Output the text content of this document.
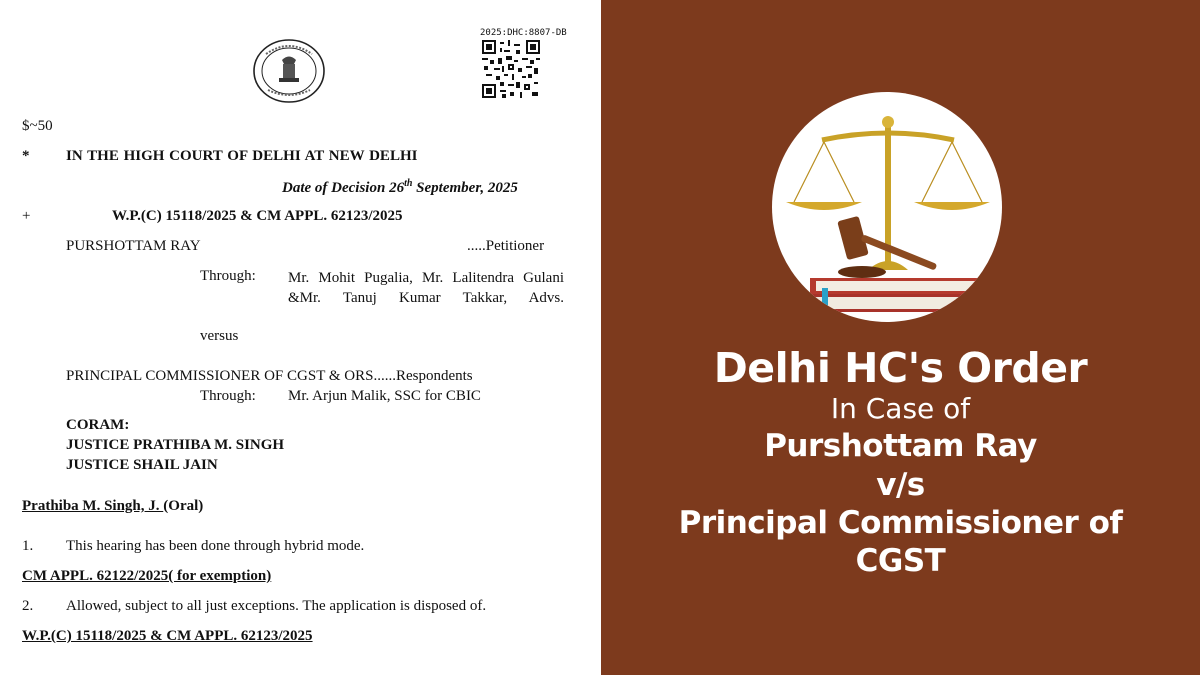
2025:DHC:8807-DB
$~50
* IN THE HIGH COURT OF DELHI AT NEW DELHI
Date of Decision 26th September, 2025
+	W.P.(C) 15118/2025 & CM APPL. 62123/2025
PURSHOTTAM RAY	.....Petitioner
Through: Mr. Mohit Pugalia, Mr. Lalitendra Gulani &Mr. Tanuj Kumar Takkar, Advs.
versus
PRINCIPAL COMMISSIONER OF CGST & ORS......Respondents
Through: Mr. Arjun Malik, SSC for CBIC
CORAM:
JUSTICE PRATHIBA M. SINGH
JUSTICE SHAIL JAIN
Prathiba M. Singh, J. (Oral)
1. This hearing has been done through hybrid mode.
CM APPL. 62122/2025( for exemption)
2. Allowed, subject to all just exceptions. The application is disposed of.
W.P.(C) 15118/2025 & CM APPL. 62123/2025
Delhi HC's Order
In Case of
Purshottam Ray
v/s
Principal Commissioner of
CGST
